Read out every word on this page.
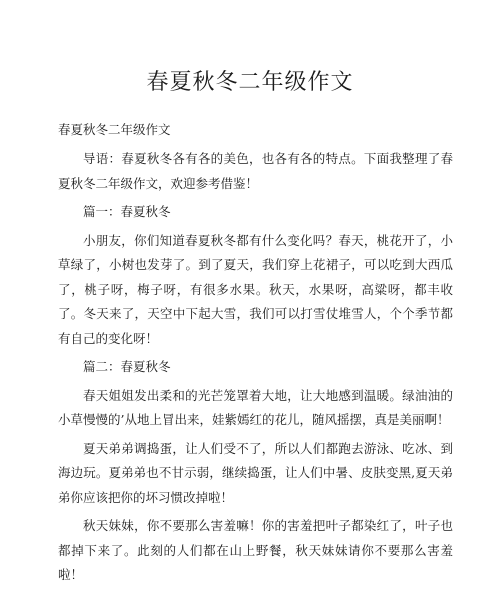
春夏秋冬二年级作文

春夏秋冬二年级作文

导语：春夏秋冬各有各的美色，也各有各的特点。下面我整理了春夏秋冬二年级作文，欢迎参考借鉴！

篇一：春夏秋冬

小朋友，你们知道春夏秋冬都有什么变化吗？春天，桃花开了，小草绿了，小树也发芽了。到了夏天，我们穿上花裙子，可以吃到大西瓜了，桃子呀，梅子呀，有很多水果。秋天，水果呀，高粱呀，都丰收了。冬天来了，天空中下起大雪，我们可以打雪仗堆雪人，个个季节都有自己的变化呀！

篇二：春夏秋冬

春天姐姐发出柔和的光芒笼罩着大地，让大地感到温暖。绿油油的小草慢慢的’从地上冒出来，娃紫嫣红的花儿，随风摇摆，真是美丽啊！

夏天弟弟调捣蛋，让人们受不了，所以人们都跑去游泳、吃冰、到海边玩。夏弟弟也不甘示弱，继续捣蛋，让人们中暑、皮肤变黑,夏天弟弟你应该把你的坏习惯改掉啦！

秋天妹妹，你不要那么害羞嘛！你的害羞把叶子都染红了，叶子也都掉下来了。此刻的人们都在山上野餐，秋天妹妹请你不要那么害羞啦！
